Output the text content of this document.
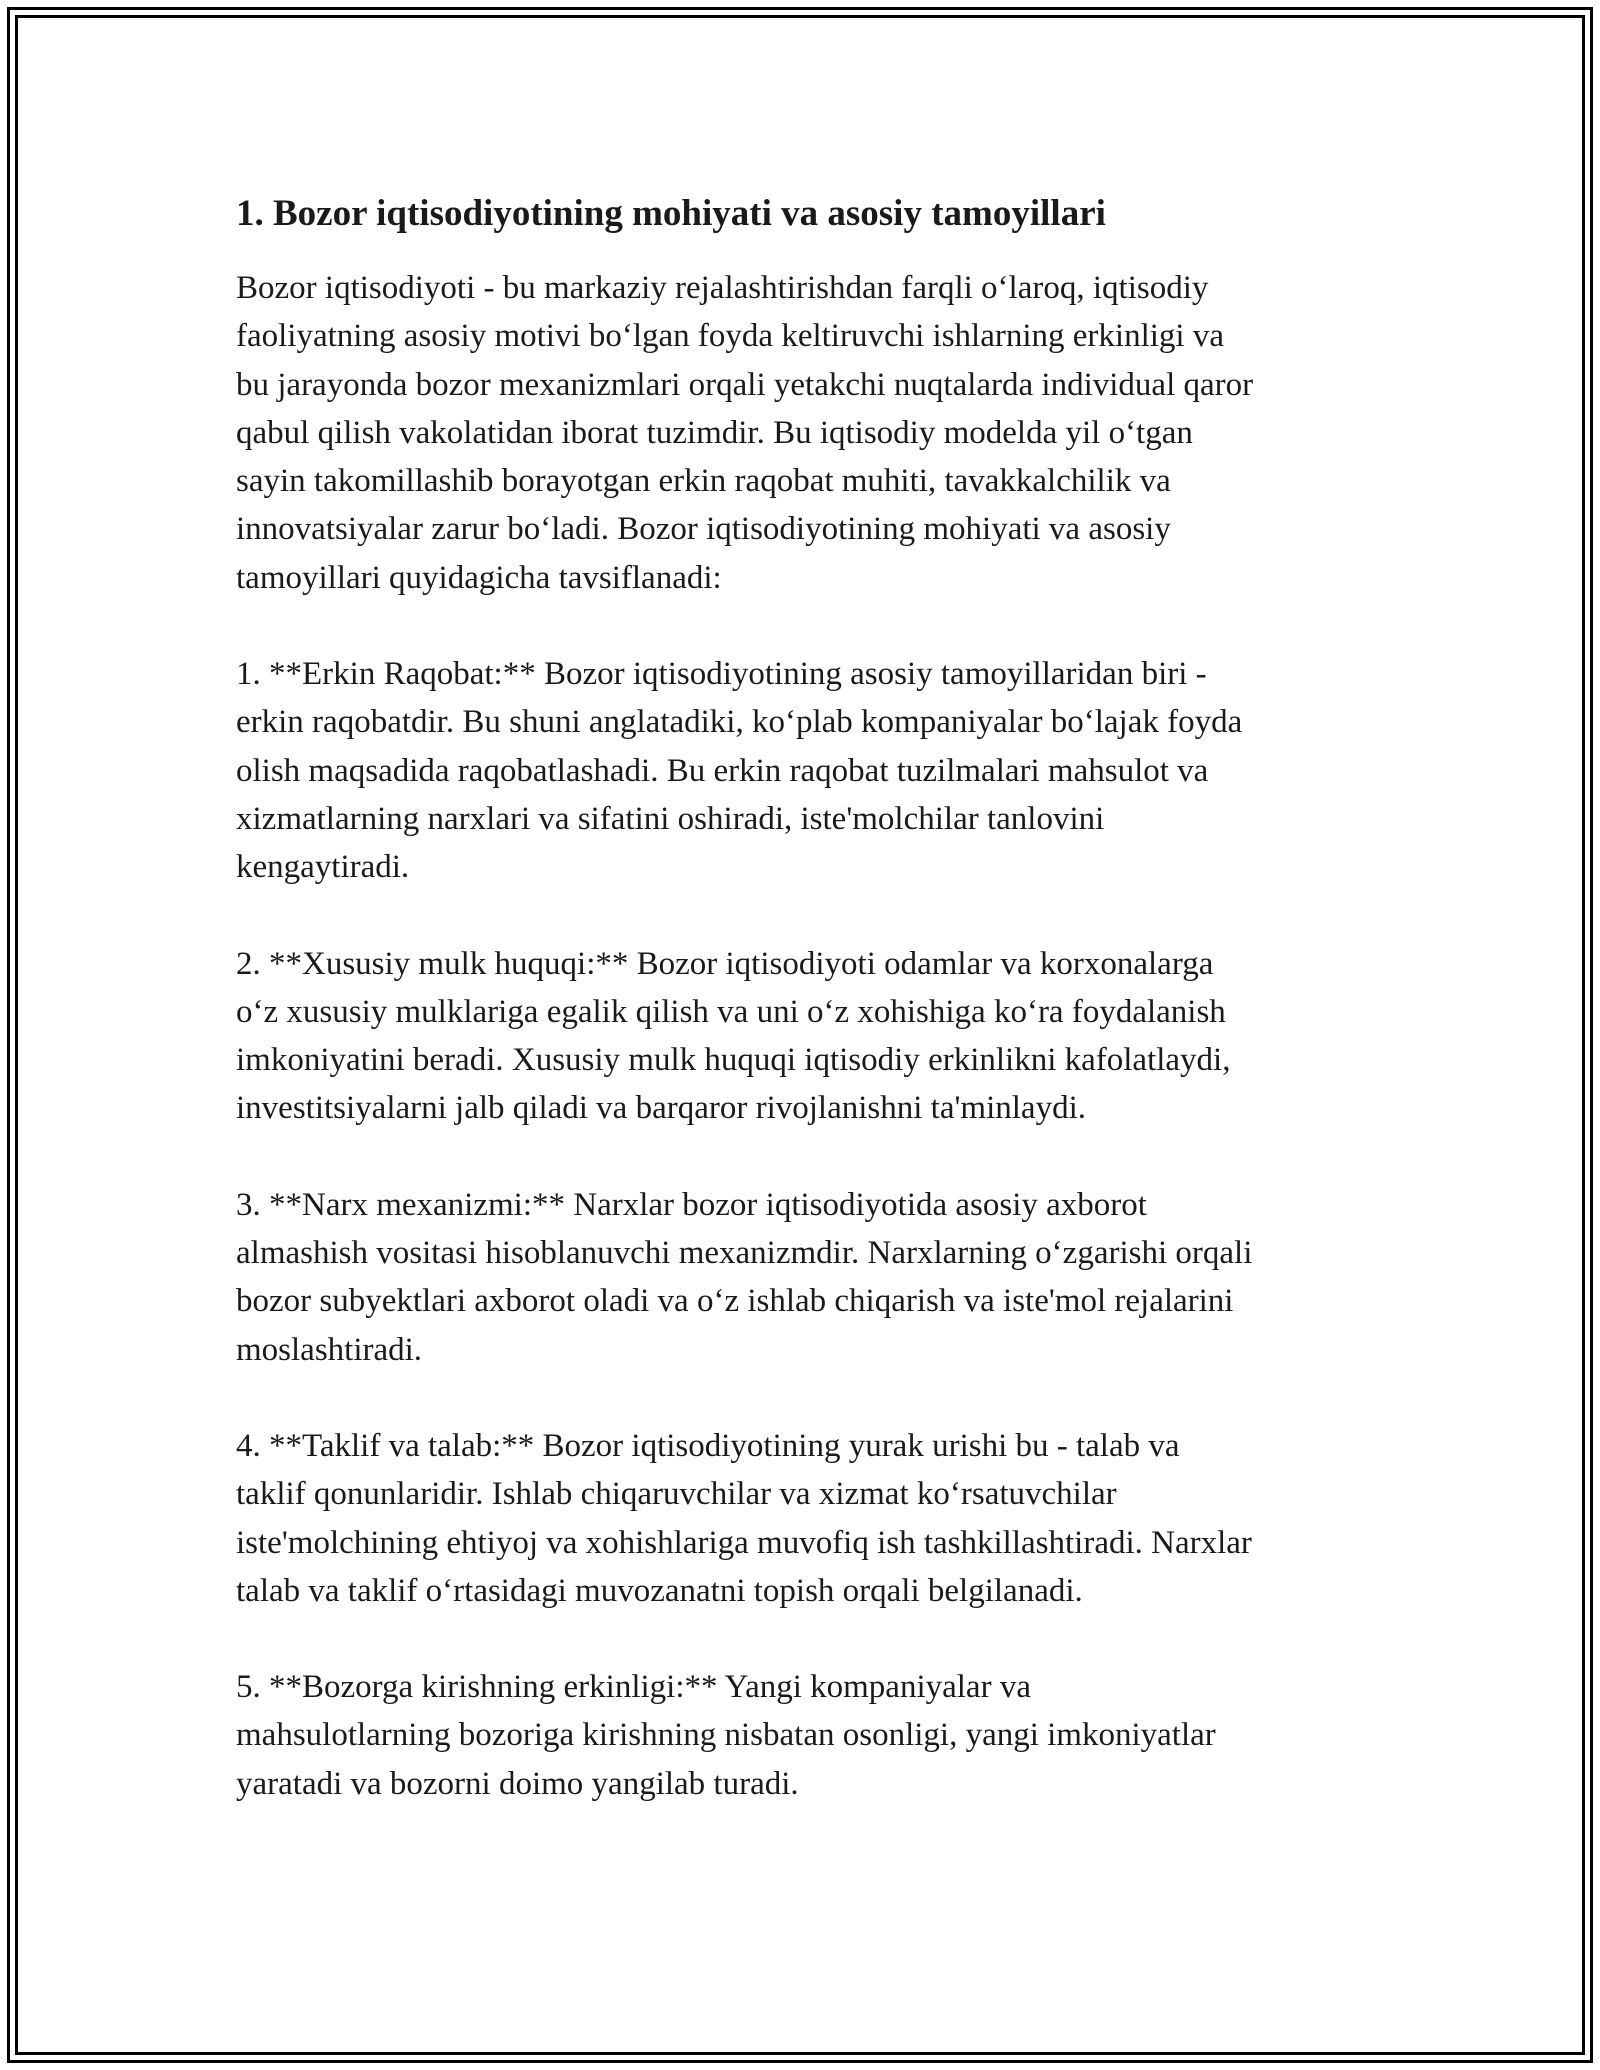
1. Bozor iqtisodiyotining mohiyati va asosiy tamoyillari

Bozor iqtisodiyoti - bu markaziy rejalashtirishdan farqli o‘laroq, iqtisodiy
faoliyatning asosiy motivi bo‘lgan foyda keltiruvchi ishlarning erkinligi va
bu jarayonda bozor mexanizmlari orqali yetakchi nuqtalarda individual qaror
qabul qilish vakolatidan iborat tuzimdir. Bu iqtisodiy modelda yil o‘tgan
sayin takomillashib borayotgan erkin raqobat muhiti, tavakkalchilik va
innovatsiyalar zarur bo‘ladi. Bozor iqtisodiyotining mohiyati va asosiy
tamoyillari quyidagicha tavsiflanadi:

1. **Erkin Raqobat:** Bozor iqtisodiyotining asosiy tamoyillaridan biri -
erkin raqobatdir. Bu shuni anglatadiki, ko‘plab kompaniyalar bo‘lajak foyda
olish maqsadida raqobatlashadi. Bu erkin raqobat tuzilmalari mahsulot va
xizmatlarning narxlari va sifatini oshiradi, iste'molchilar tanlovini
kengaytiradi.

2. **Xususiy mulk huquqi:** Bozor iqtisodiyoti odamlar va korxonalarga
o‘z xususiy mulklariga egalik qilish va uni o‘z xohishiga ko‘ra foydalanish
imkoniyatini beradi. Xususiy mulk huquqi iqtisodiy erkinlikni kafolatlaydi,
investitsiyalarni jalb qiladi va barqaror rivojlanishni ta'minlaydi.

3. **Narx mexanizmi:** Narxlar bozor iqtisodiyotida asosiy axborot
almashish vositasi hisoblanuvchi mexanizmdir. Narxlarning o‘zgarishi orqali
bozor subyektlari axborot oladi va o‘z ishlab chiqarish va iste'mol rejalarini
moslashtiradi.

4. **Taklif va talab:** Bozor iqtisodiyotining yurak urishi bu - talab va
taklif qonunlaridir. Ishlab chiqaruvchilar va xizmat ko‘rsatuvchilar
iste'molchining ehtiyoj va xohishlariga muvofiq ish tashkillashtiradi. Narxlar
talab va taklif o‘rtasidagi muvozanatni topish orqali belgilanadi.

5. **Bozorga kirishning erkinligi:** Yangi kompaniyalar va
mahsulotlarning bozoriga kirishning nisbatan osonligi, yangi imkoniyatlar
yaratadi va bozorni doimo yangilab turadi.
